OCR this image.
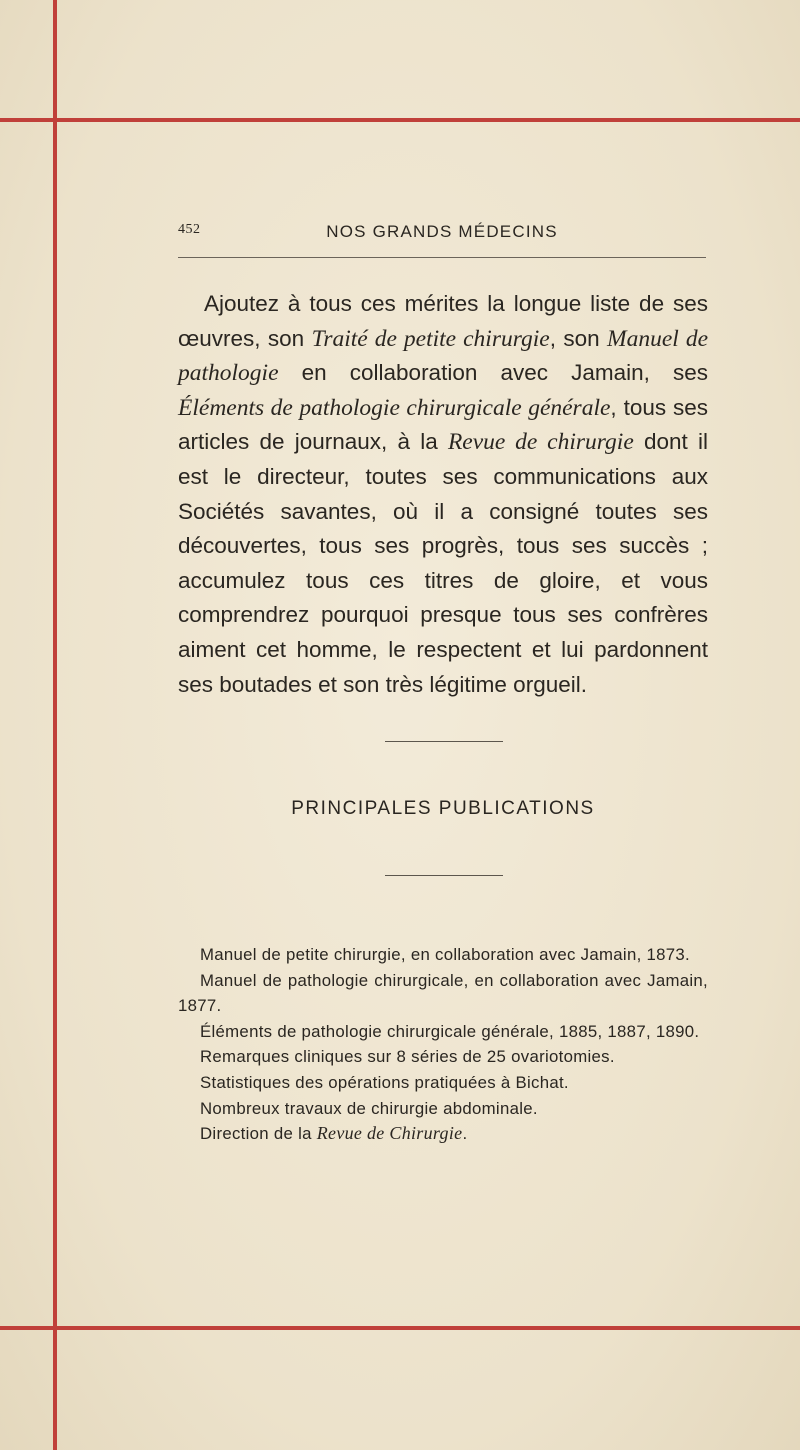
452	NOS GRANDS MÉDECINS

Ajoutez à tous ces mérites la longue liste de ses œuvres, son Traité de petite chirurgie, son Manuel de pathologie en collaboration avec Jamain, ses Éléments de pathologie chirurgicale générale, tous ses articles de journaux, à la Revue de chirurgie dont il est le directeur, toutes ses communications aux Sociétés savantes, où il a consigné toutes ses découvertes, tous ses progrès, tous ses succès ; accumulez tous ces titres de gloire, et vous comprendrez pourquoi presque tous ses confrères aiment cet homme, le respectent et lui pardonnent ses boutades et son très légitime orgueil.

PRINCIPALES PUBLICATIONS

Manuel de petite chirurgie, en collaboration avec Jamain, 1873.

Manuel de pathologie chirurgicale, en collaboration avec Jamain, 1877.

Éléments de pathologie chirurgicale générale, 1885, 1887, 1890.

Remarques cliniques sur 8 séries de 25 ovariotomies.

Statistiques des opérations pratiquées à Bichat.

Nombreux travaux de chirurgie abdominale.

Direction de la Revue de Chirurgie.
